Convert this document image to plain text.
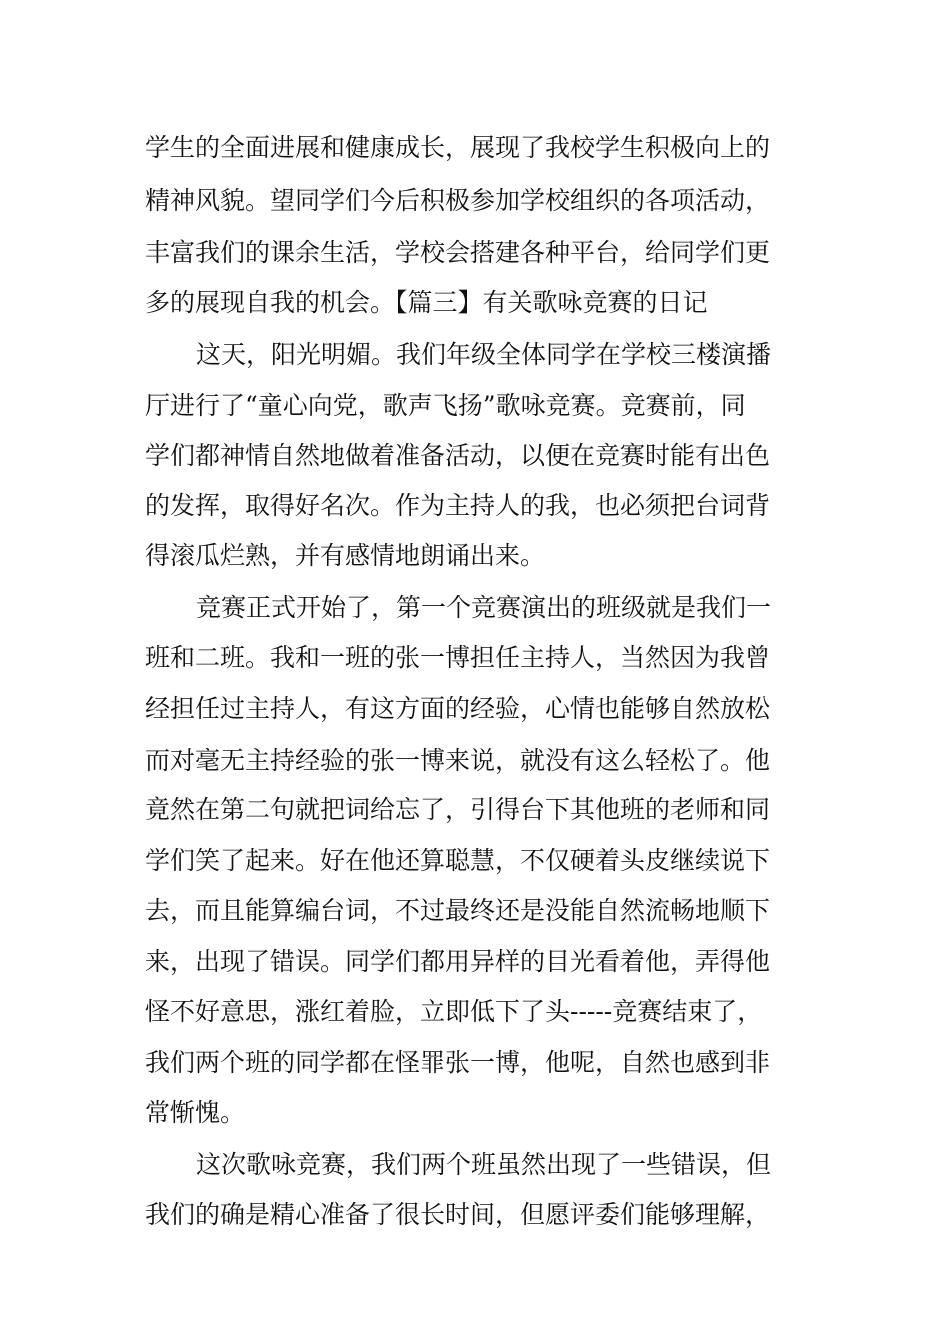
学生的全面进展和健康成长，展现了我校学生积极向上的
精神风貌。望同学们今后积极参加学校组织的各项活动，
丰富我们的课余生活，学校会搭建各种平台，给同学们更
多的展现自我的机会。【篇三】有关歌咏竞赛的日记
这天，阳光明媚。我们年级全体同学在学校三楼演播
厅进行了“童心向党，歌声飞扬”歌咏竞赛。竞赛前，同
学们都神情自然地做着准备活动，以便在竞赛时能有出色
的发挥，取得好名次。作为主持人的我，也必须把台词背
得滚瓜烂熟，并有感情地朗诵出来。
竞赛正式开始了，第一个竞赛演出的班级就是我们一
班和二班。我和一班的张一博担任主持人，当然因为我曾
经担任过主持人，有这方面的经验，心情也能够自然放松
而对毫无主持经验的张一博来说，就没有这么轻松了。他
竟然在第二句就把词给忘了，引得台下其他班的老师和同
学们笑了起来。好在他还算聪慧，不仅硬着头皮继续说下
去，而且能算编台词，不过最终还是没能自然流畅地顺下
来，出现了错误。同学们都用异样的目光看着他，弄得他
怪不好意思，涨红着脸，立即低下了头-----竞赛结束了，
我们两个班的同学都在怪罪张一博，他呢，自然也感到非
常惭愧。
这次歌咏竞赛，我们两个班虽然出现了一些错误，但
我们的确是精心准备了很长时间，但愿评委们能够理解，
